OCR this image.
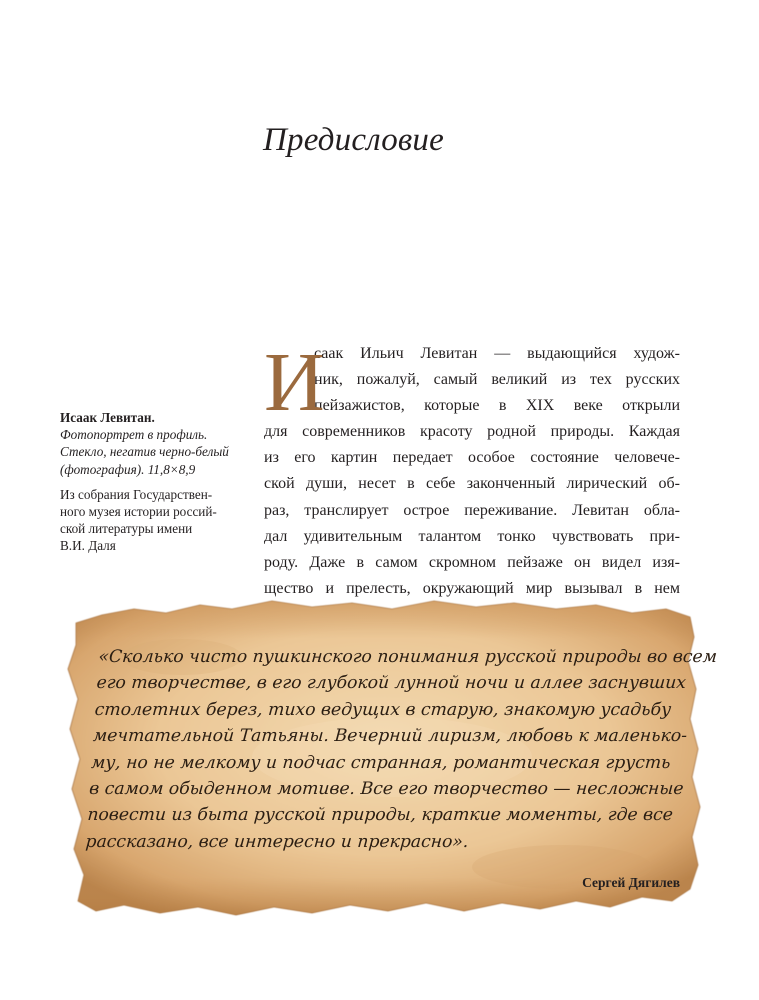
Предисловие
Исаак Левитан.
Фотопортрет в профиль.
Стекло, негатив черно-белый
(фотография). 11,8×8,9
Из собрания Государствен-
ного музея истории россий-
ской литературы имени
В.И. Даля
И
саак Ильич Левитан — выдающийся худож-
ник, пожалуй, самый великий из тех русских
пейзажистов, которые в XIX веке открыли
для современников красоту родной природы. Каждая
из его картин передает особое состояние человече-
ской души, несет в себе законченный лирический об-
раз, транслирует острое переживание. Левитан обла-
дал удивительным талантом тонко чувствовать при-
роду. Даже в самом скромном пейзаже он видел изя-
щество и прелесть, окружающий мир вызывал в нем
«Сколько чисто пушкинского понимания русской природы во всем
его творчестве, в его глубокой лунной ночи и аллее заснувших
столетних берез, тихо ведущих в старую, знакомую усадьбу
мечтательной Татьяны. Вечерний лиризм, любовь к маленько-
му, но не мелкому и подчас странная, романтическая грусть
в самом обыденном мотиве. Все его творчество — несложные
повести из быта русской природы, краткие моменты, где все
рассказано, все интересно и прекрасно».
Сергей Дягилев
